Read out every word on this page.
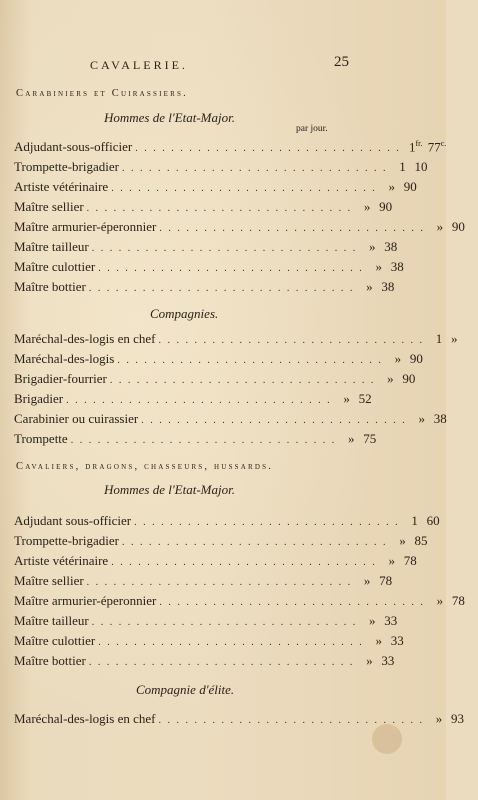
CAVALERIE.	25
Carabiniers et Cuirassiers.
Hommes de l'Etat-Major.
par jour.
Adjudant-sous-officier . . . . . . . . . . . . . . . . . . . . . . . . . . . . . . $1^{fr.}$ $77^{c.}$
Trompette-brigadier . . . . . . . . . . . . . . . . . . . . . . . . . . . . . . 1 10
Artiste vétérinaire . . . . . . . . . . . . . . . . . . . . . . . . . . . . . . » 90
Maître sellier . . . . . . . . . . . . . . . . . . . . . . . . . . . . . . » 90
Maître armurier-éperonnier . . . . . . . . . . . . . . . . . . . . . . . . . . . . . . » 90
Maître tailleur . . . . . . . . . . . . . . . . . . . . . . . . . . . . . . » 38
Maître culottier . . . . . . . . . . . . . . . . . . . . . . . . . . . . . . » 38
Maître bottier . . . . . . . . . . . . . . . . . . . . . . . . . . . . . . » 38
Compagnies.
Maréchal-des-logis en chef . . . . . . . . . . . . . . . . . . . . . . . . . . . . . . 1 »
Maréchal-des-logis . . . . . . . . . . . . . . . . . . . . . . . . . . . . . . » 90
Brigadier-fourrier . . . . . . . . . . . . . . . . . . . . . . . . . . . . . . » 90
Brigadier . . . . . . . . . . . . . . . . . . . . . . . . . . . . . . » 52
Carabinier ou cuirassier . . . . . . . . . . . . . . . . . . . . . . . . . . . . . . » 38
Trompette . . . . . . . . . . . . . . . . . . . . . . . . . . . . . . » 75
Cavaliers, dragons, chasseurs, hussards.
Hommes de l'Etat-Major.
Adjudant sous-officier . . . . . . . . . . . . . . . . . . . . . . . . . . . . . . 1 60
Trompette-brigadier . . . . . . . . . . . . . . . . . . . . . . . . . . . . . . » 85
Artiste vétérinaire . . . . . . . . . . . . . . . . . . . . . . . . . . . . . . » 78
Maître sellier . . . . . . . . . . . . . . . . . . . . . . . . . . . . . . » 78
Maître armurier-éperonnier . . . . . . . . . . . . . . . . . . . . . . . . . . . . . . » 78
Maître tailleur . . . . . . . . . . . . . . . . . . . . . . . . . . . . . . » 33
Maître culottier . . . . . . . . . . . . . . . . . . . . . . . . . . . . . . » 33
Maître bottier . . . . . . . . . . . . . . . . . . . . . . . . . . . . . . » 33
Compagnie d'élite.
Maréchal-des-logis en chef . . . . . . . . . . . . . . . . . . . . . . . . . . . . . . » 93
